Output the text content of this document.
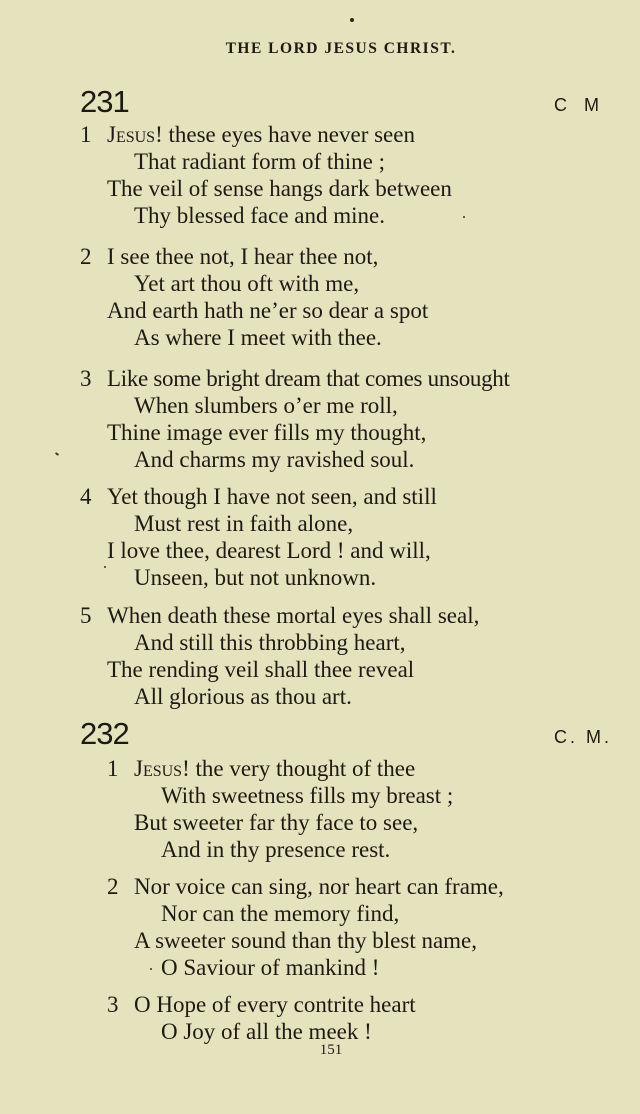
THE LORD JESUS CHRIST.
231	C M
1 Jesus! these eyes have never seen
That radiant form of thine ;
The veil of sense hangs dark between
Thy blessed face and mine.
2 I see thee not, I hear thee not,
Yet art thou oft with me,
And earth hath ne’er so dear a spot
As where I meet with thee.
3 Like some bright dream that comes unsought
When slumbers o’er me roll,
Thine image ever fills my thought,
And charms my ravished soul.
4 Yet though I have not seen, and still
Must rest in faith alone,
I love thee, dearest Lord ! and will,
Unseen, but not unknown.
5 When death these mortal eyes shall seal,
And still this throbbing heart,
The rending veil shall thee reveal
All glorious as thou art.
232	C. M.
1 Jesus! the very thought of thee
With sweetness fills my breast ;
But sweeter far thy face to see,
And in thy presence rest.
2 Nor voice can sing, nor heart can frame,
Nor can the memory find,
A sweeter sound than thy blest name,
O Saviour of mankind !
3 O Hope of every contrite heart
O Joy of all the meek !
151
